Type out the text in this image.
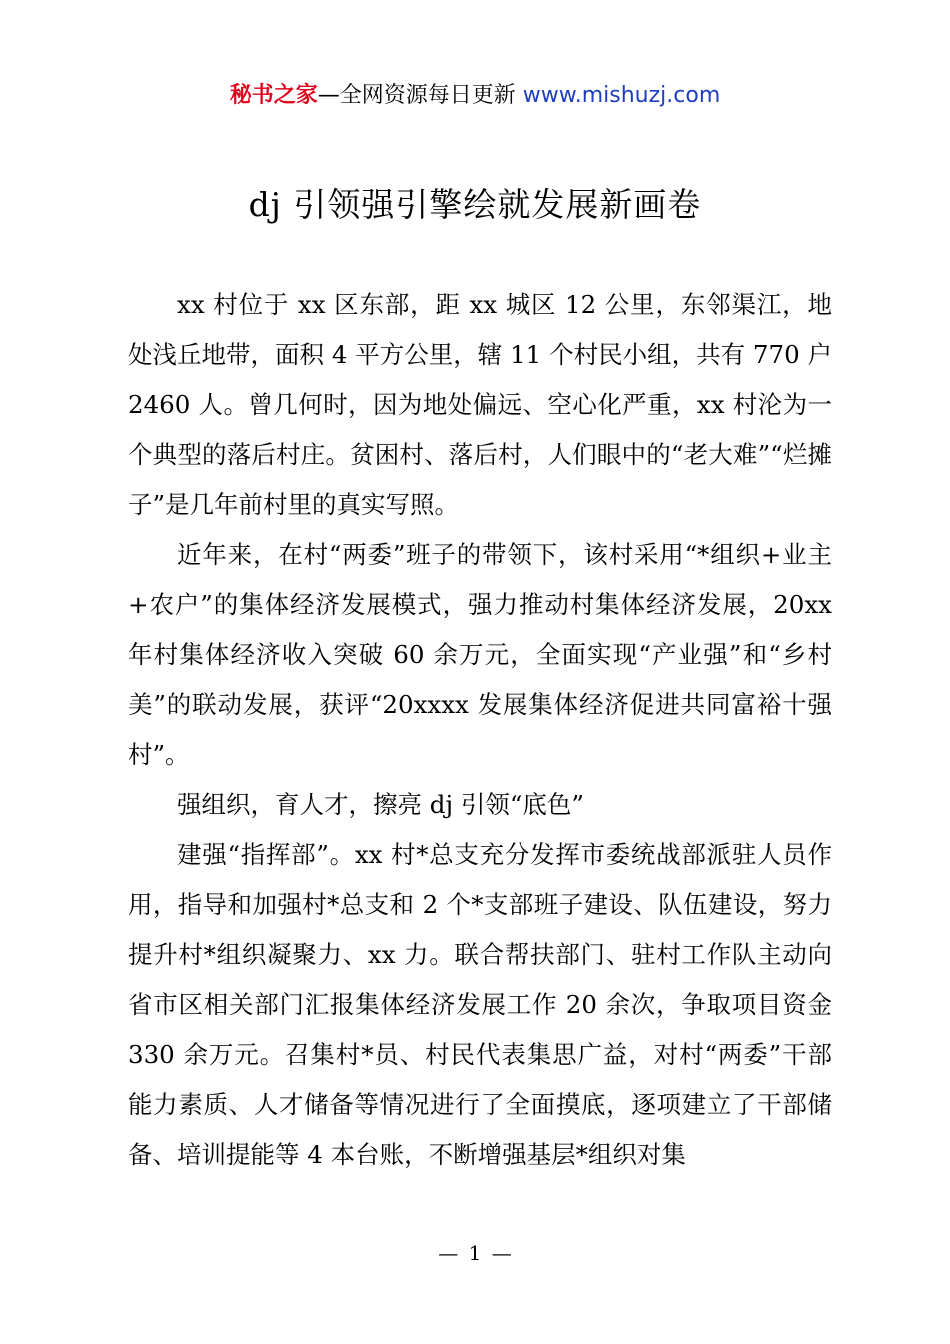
秘书之家—全网资源每日更新 www.mishuzj.com
dj 引领强引擎绘就发展新画卷

xx 村位于 xx 区东部，距 xx 城区 12 公里，东邻渠江，地处浅丘地带，面积 4 平方公里，辖 11 个村民小组，共有 770 户 2460 人。曾几何时，因为地处偏远、空心化严重，xx 村沦为一个典型的落后村庄。贫困村、落后村，人们眼中的“老大难”“烂摊子”是几年前村里的真实写照。

近年来，在村“两委”班子的带领下，该村采用“*组织+业主+农户”的集体经济发展模式，强力推动村集体经济发展，20xx 年村集体经济收入突破 60 余万元，全面实现“产业强”和“乡村美”的联动发展，获评“20xxxx 发展集体经济促进共同富裕十强村”。

强组织，育人才，擦亮 dj 引领“底色”

建强“指挥部”。xx 村*总支充分发挥市委统战部派驻人员作用，指导和加强村*总支和 2 个*支部班子建设、队伍建设，努力提升村*组织凝聚力、xx 力。联合帮扶部门、驻村工作队主动向省市区相关部门汇报集体经济发展工作 20 余次，争取项目资金 330 余万元。召集村*员、村民代表集思广益，对村“两委”干部能力素质、人才储备等情况进行了全面摸底，逐项建立了干部储备、培训提能等 4 本台账，不断增强基层*组织对集

— 1 —
